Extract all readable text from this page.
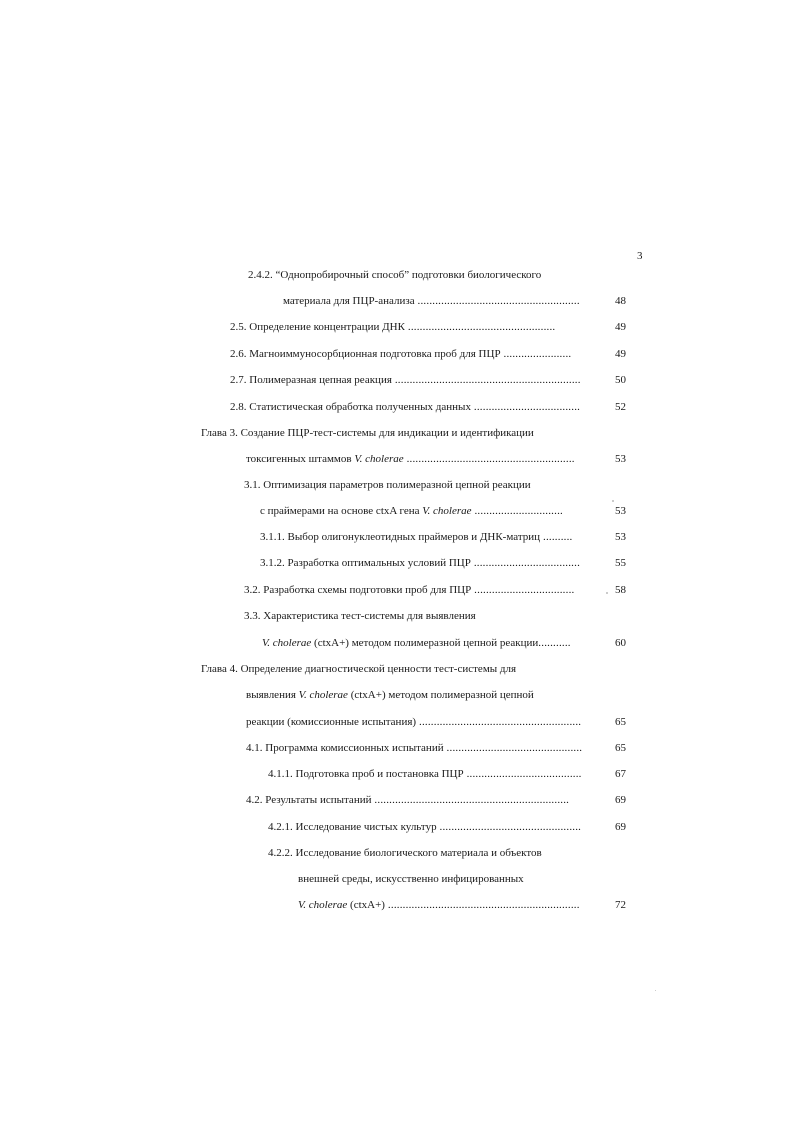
3
2.4.2. “Однопробирочный способ” подготовки биологического
материала для ПЦР-анализа .......................................................	48
2.5. Определение концентрации ДНК ..................................................	49
2.6. Магноиммуносорбционная подготовка проб для ПЦР .......................	49
2.7. Полимеразная цепная реакция ...............................................................	50
2.8. Статистическая обработка полученных данных ....................................	52
Глава 3. Создание ПЦР-тест-системы для индикации и идентификации
токсигенных штаммов V. cholerae .........................................................	53
3.1. Оптимизация параметров полимеразной цепной реакции
с праймерами на основе ctxA гена V. cholerae ..............................	53
3.1.1. Выбор олигонуклеотидных праймеров и ДНК-матриц ..........	53
3.1.2. Разработка оптимальных условий ПЦР ....................................	55
3.2. Разработка схемы подготовки проб для ПЦР ..................................	58
3.3. Характеристика тест-системы для выявления
V. cholerae (ctxA+) методом полимеразной цепной реакции...........	60
Глава 4. Определение диагностической ценности тест-системы для
выявления V. cholerae (ctxA+) методом полимеразной цепной
реакции (комиссионные испытания) .......................................................	65
4.1. Программа комиссионных испытаний ..............................................	65
4.1.1. Подготовка проб и постановка ПЦР .......................................	67
4.2. Результаты испытаний ..................................................................	69
4.2.1. Исследование чистых культур ................................................	69
4.2.2. Исследование биологического материала и объектов
внешней среды, искусственно инфицированных
V. cholerae (ctxA+) .................................................................	72
